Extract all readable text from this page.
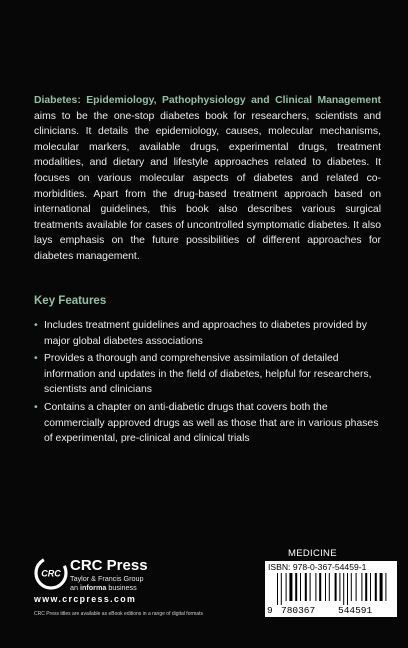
Diabetes: Epidemiology, Pathophysiology and Clinical Management aims to be the one-stop diabetes book for researchers, scientists and clinicians. It details the epidemiology, causes, molecular mechanisms, molecular markers, available drugs, experimental drugs, treatment modalities, and dietary and lifestyle approaches related to diabetes. It focuses on various molecular aspects of diabetes and related co-morbidities. Apart from the drug-based treatment approach based on international guidelines, this book also describes various surgical treatments available for cases of uncontrolled symptomatic diabetes. It also lays emphasis on the future possibilities of different approaches for diabetes management.

Key Features
• Includes treatment guidelines and approaches to diabetes provided by major global diabetes associations
• Provides a thorough and comprehensive assimilation of detailed information and updates in the field of diabetes, helpful for researchers, scientists and clinicians
• Contains a chapter on anti-diabetic drugs that covers both the commercially approved drugs as well as those that are in various phases of experimental, pre-clinical and clinical trials
CRC CRC Press
Taylor & Francis Group
an informa business
www.crcpress.com
CRC Press titles are available as eBook editions in a range of digital formats
MEDICINE
ISBN: 978-0-367-54459-1
9 780367 544591
